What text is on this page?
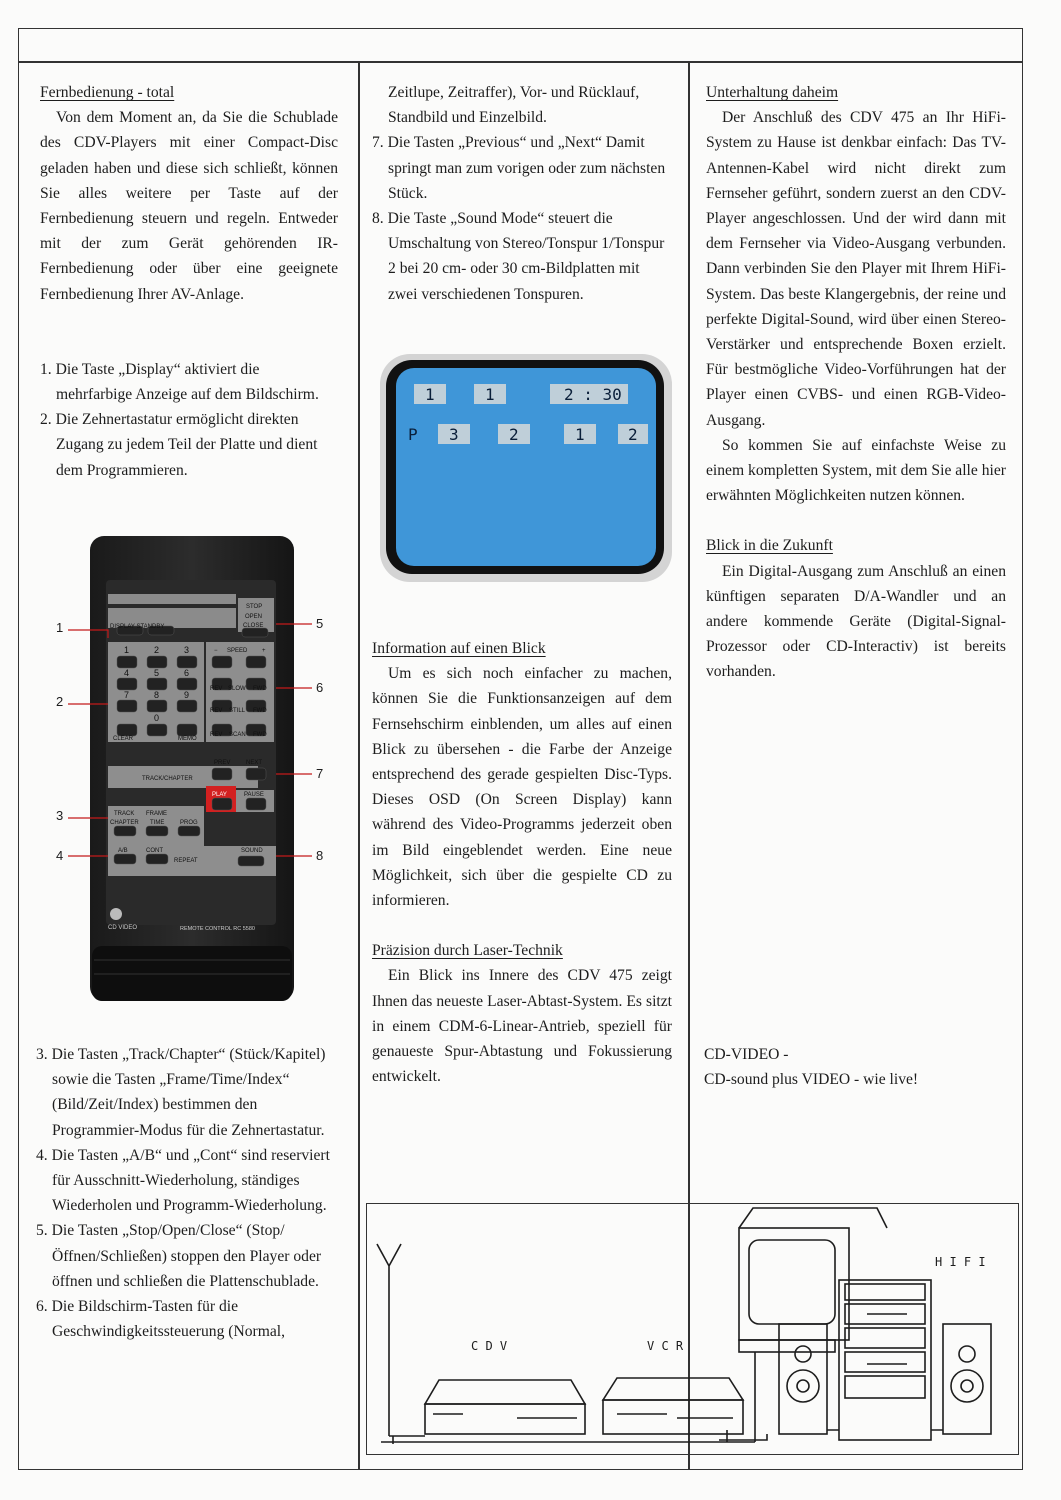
Fernbedienung - total

Von dem Moment an, da Sie die Schublade des CDV-Players mit einer Compact-Disc geladen haben und diese sich schließt, können Sie alles weitere per Taste auf der Fernbedienung steuern und regeln. Entweder mit der zum Gerät gehörenden IR-Fernbedienung oder über eine geeignete Fernbedienung Ihrer AV-Anlage.

1. Die Taste „Display“ aktiviert die mehrfarbige Anzeige auf dem Bildschirm.

2. Die Zehnertastatur ermöglicht direkten Zugang zu jedem Teil der Platte und dient dem Programmieren.

DISPLAY STANDBY
STOP
OPEN
CLOSE
− SPEED +
REV SLOW FWD
REV STILL FWD
REV SCAN FWD
CLEAR	MEMO
PREV	NEXT
TRACK/CHAPTER
PLAY	PAUSE
TRACK
CHAPTER
FRAME
TIME	PROG
A/B	CONT
REPEAT
SOUND
1	2	3
4	5	6
7	8	9
0
CD VIDEO	REMOTE CONTROL RC 5580
1
2
3
4
5
6
7
8

3. Die Tasten „Track/Chapter“ (Stück/Kapitel) sowie die Tasten „Frame/Time/Index“ (Bild/Zeit/Index) bestimmen den Programmier-Modus für die Zehnertastatur.

4. Die Tasten „A/B“ und „Cont“ sind reserviert für Ausschnitt-Wiederholung, ständiges Wiederholen und Programm-Wiederholung.

5. Die Tasten „Stop/Open/Close“ (Stop/Öffnen/Schließen) stoppen den Player oder öffnen und schließen die Plattenschublade.

6. Die Bildschirm-Tasten für die Geschwindigkeitssteuerung (Normal,

Zeitlupe, Zeitraffer), Vor- und Rücklauf, Standbild und Einzelbild.

7. Die Tasten „Previous“ und „Next“ Damit springt man zum vorigen oder zum nächsten Stück.

8. Die Taste „Sound Mode“ steuert die Umschaltung von Stereo/Tonspur 1/Tonspur 2 bei 20 cm- oder 30 cm-Bildplatten mit zwei verschiedenen Tonspuren.

1	1	2 : 30
P 3	2	1	2

Information auf einen Blick

Um es sich noch einfacher zu machen, können Sie die Funktionsanzeigen auf dem Fernsehschirm einblenden, um alles auf einen Blick zu übersehen - die Farbe der Anzeige entsprechend des gerade gespielten Disc-Typs. Dieses OSD (On Screen Display) kann während des Video-Programms jederzeit oben im Bild eingeblendet werden. Eine neue Möglichkeit, sich über die gespielte CD zu informieren.

Präzision durch Laser-Technik

Ein Blick ins Innere des CDV 475 zeigt Ihnen das neueste Laser-Abtast-System. Es sitzt in einem CDM-6-Linear-Antrieb, speziell für genaueste Spur-Abtastung und Fokussierung entwickelt.

Unterhaltung daheim

Der Anschluß des CDV 475 an Ihr HiFi-System zu Hause ist denkbar einfach: Das TV-Antennen-Kabel wird nicht direkt zum Fernseher geführt, sondern zuerst an den CDV-Player angeschlossen. Und der wird dann mit dem Fernseher via Video-Ausgang verbunden. Dann verbinden Sie den Player mit Ihrem HiFi-System. Das beste Klangergebnis, der reine und perfekte Digital-Sound, wird über einen Stereo-Verstärker und entsprechende Boxen erzielt. Für bestmögliche Video-Vorführungen hat der Player einen CVBS- und einen RGB-Video-Ausgang.

So kommen Sie auf einfachste Weise zu einem kompletten System, mit dem Sie alle hier erwähnten Möglichkeiten nutzen können.

Blick in die Zukunft

Ein Digital-Ausgang zum Anschluß an einen künftigen separaten D/A-Wandler und an andere kommende Geräte (Digital-Signal-Prozessor oder CD-Interactiv) ist bereits vorhanden.

CD-VIDEO -

CD-sound plus VIDEO - wie live!

C D V	V C R
H I F I
